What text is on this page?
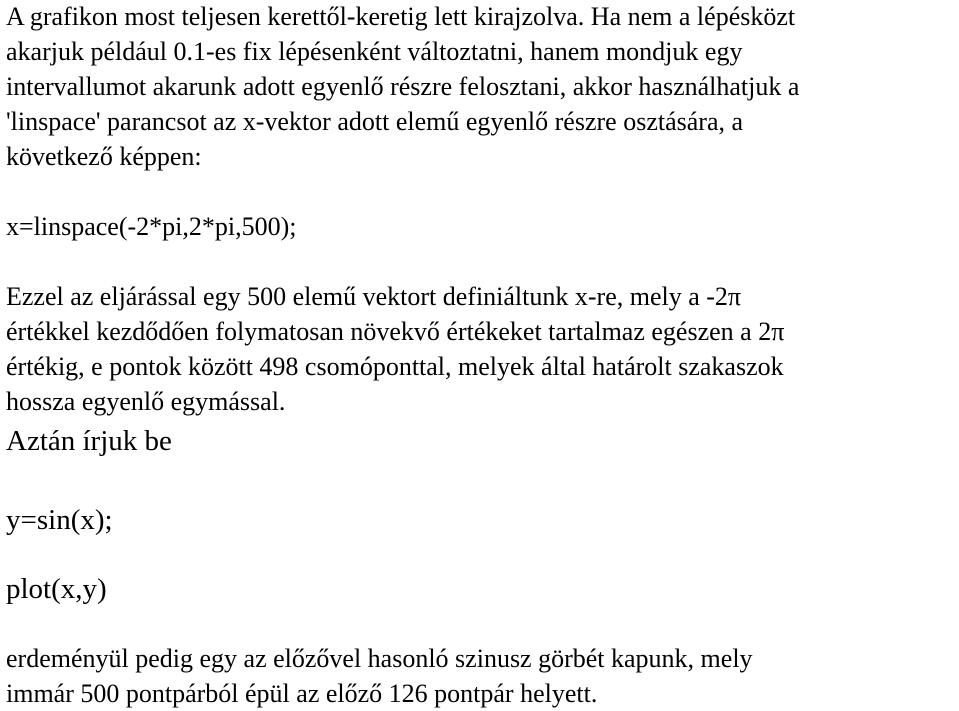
A grafikon most teljesen kerettől-keretig lett kirajzolva. Ha nem a lépésközt
akarjuk például 0.1-es fix lépésenként változtatni, hanem mondjuk egy
intervallumot akarunk adott egyenlő részre felosztani, akkor használhatjuk a
'linspace' parancsot az x-vektor adott elemű egyenlő részre osztására, a
következő képpen:
x=linspace(-2*pi,2*pi,500);
Ezzel az eljárással egy 500 elemű vektort definiáltunk x-re, mely a -2π
értékkel kezdődően folymatosan növekvő értékeket tartalmaz egészen a 2π
értékig, e pontok között 498 csomóponttal, melyek által határolt szakaszok
hossza egyenlő egymással.
Aztán írjuk be
y=sin(x);
plot(x,y)
erdeményül pedig egy az előzővel hasonló szinusz görbét kapunk, mely
immár 500 pontpárból épül az előző 126 pontpár helyett.
